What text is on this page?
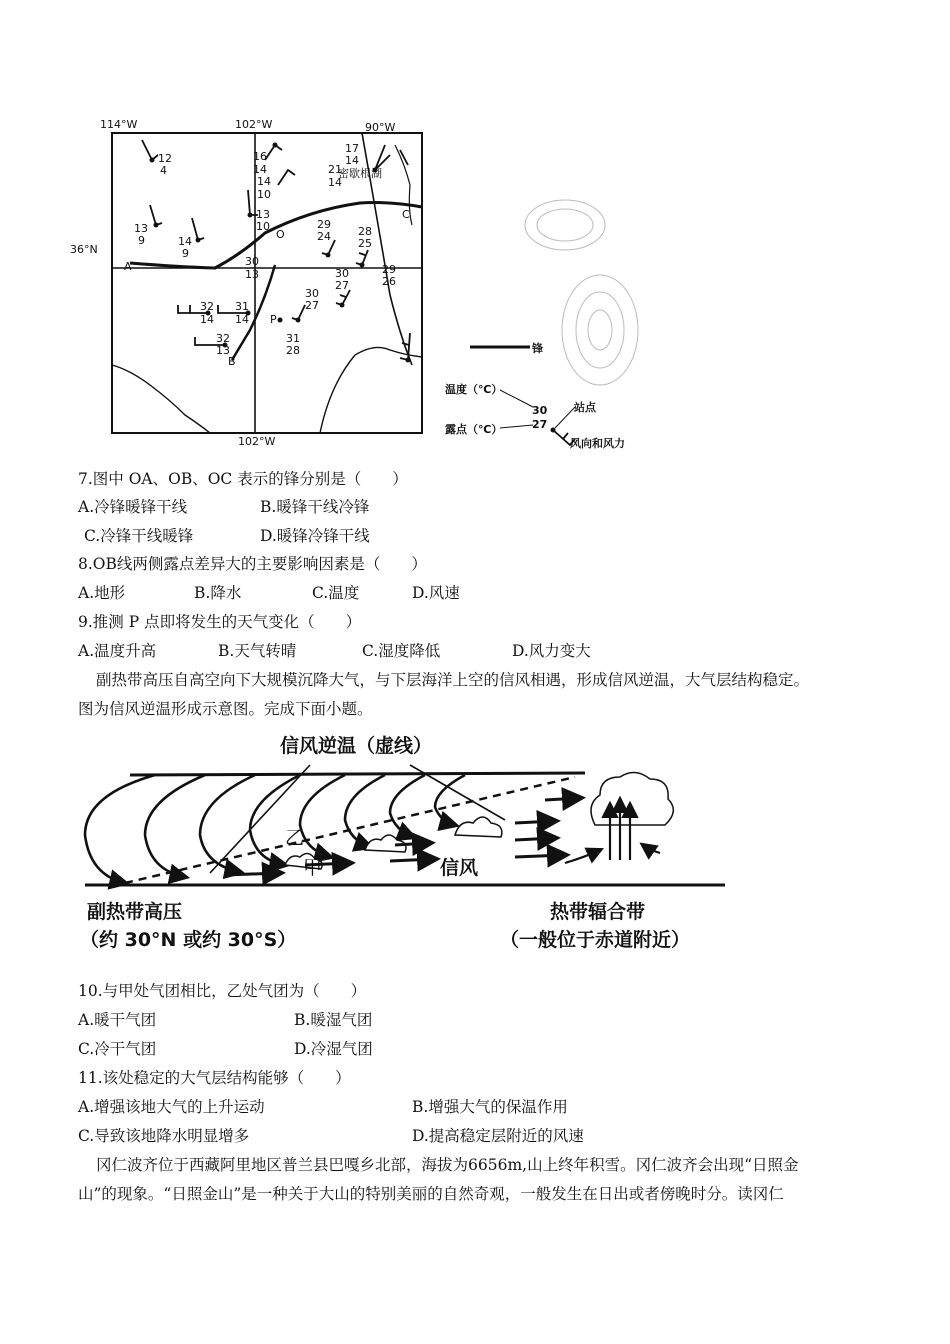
114°W	102°W	90°W
102°W
36°N
密歇根湖
A
B
C
O
P
12
4
16
14
14
10
17
14
21
14
13
9	14
9
13
10	29
24 28
25
30
13	30
27
29
26
32
14
31
14
30
27
32
13
31
28	锋
温度（℃）
露点（℃）
站点
风向和风力
30
27
7.图中 OA、OB、OC 表示的锋分别是（　　）
A.冷锋暖锋干线	B.暖锋干线冷锋
C.冷锋干线暖锋	D.暖锋冷锋干线
8.OB线两侧露点差异大的主要影响因素是（　　）
A.地形	B.降水	C.温度	D.风速
9.推测 P 点即将发生的天气变化（　　）
A.温度升高	B.天气转晴	C.湿度降低	D.风力变大
副热带高压自高空向下大规模沉降大气，与下层海洋上空的信风相遇，形成信风逆温，大气层结构稳定。
图为信风逆温形成示意图。完成下面小题。
信风逆温（虚线）
乙
甲	信风
副热带高压
（约 30°N 或约 30°S）
热带辐合带
（一般位于赤道附近）
10.与甲处气团相比，乙处气团为（　　）
A.暖干气团	B.暖湿气团
C.冷干气团	D.冷湿气团
11.该处稳定的大气层结构能够（　　）
A.增强该地大气的上升运动	B.增强大气的保温作用
C.导致该地降水明显增多	D.提高稳定层附近的风速
冈仁波齐位于西藏阿里地区普兰县巴嘎乡北部，海拔为6656m,山上终年积雪。冈仁波齐会出现“日照金
山”的现象。“日照金山”是一种关于大山的特别美丽的自然奇观，一般发生在日出或者傍晚时分。读冈仁
